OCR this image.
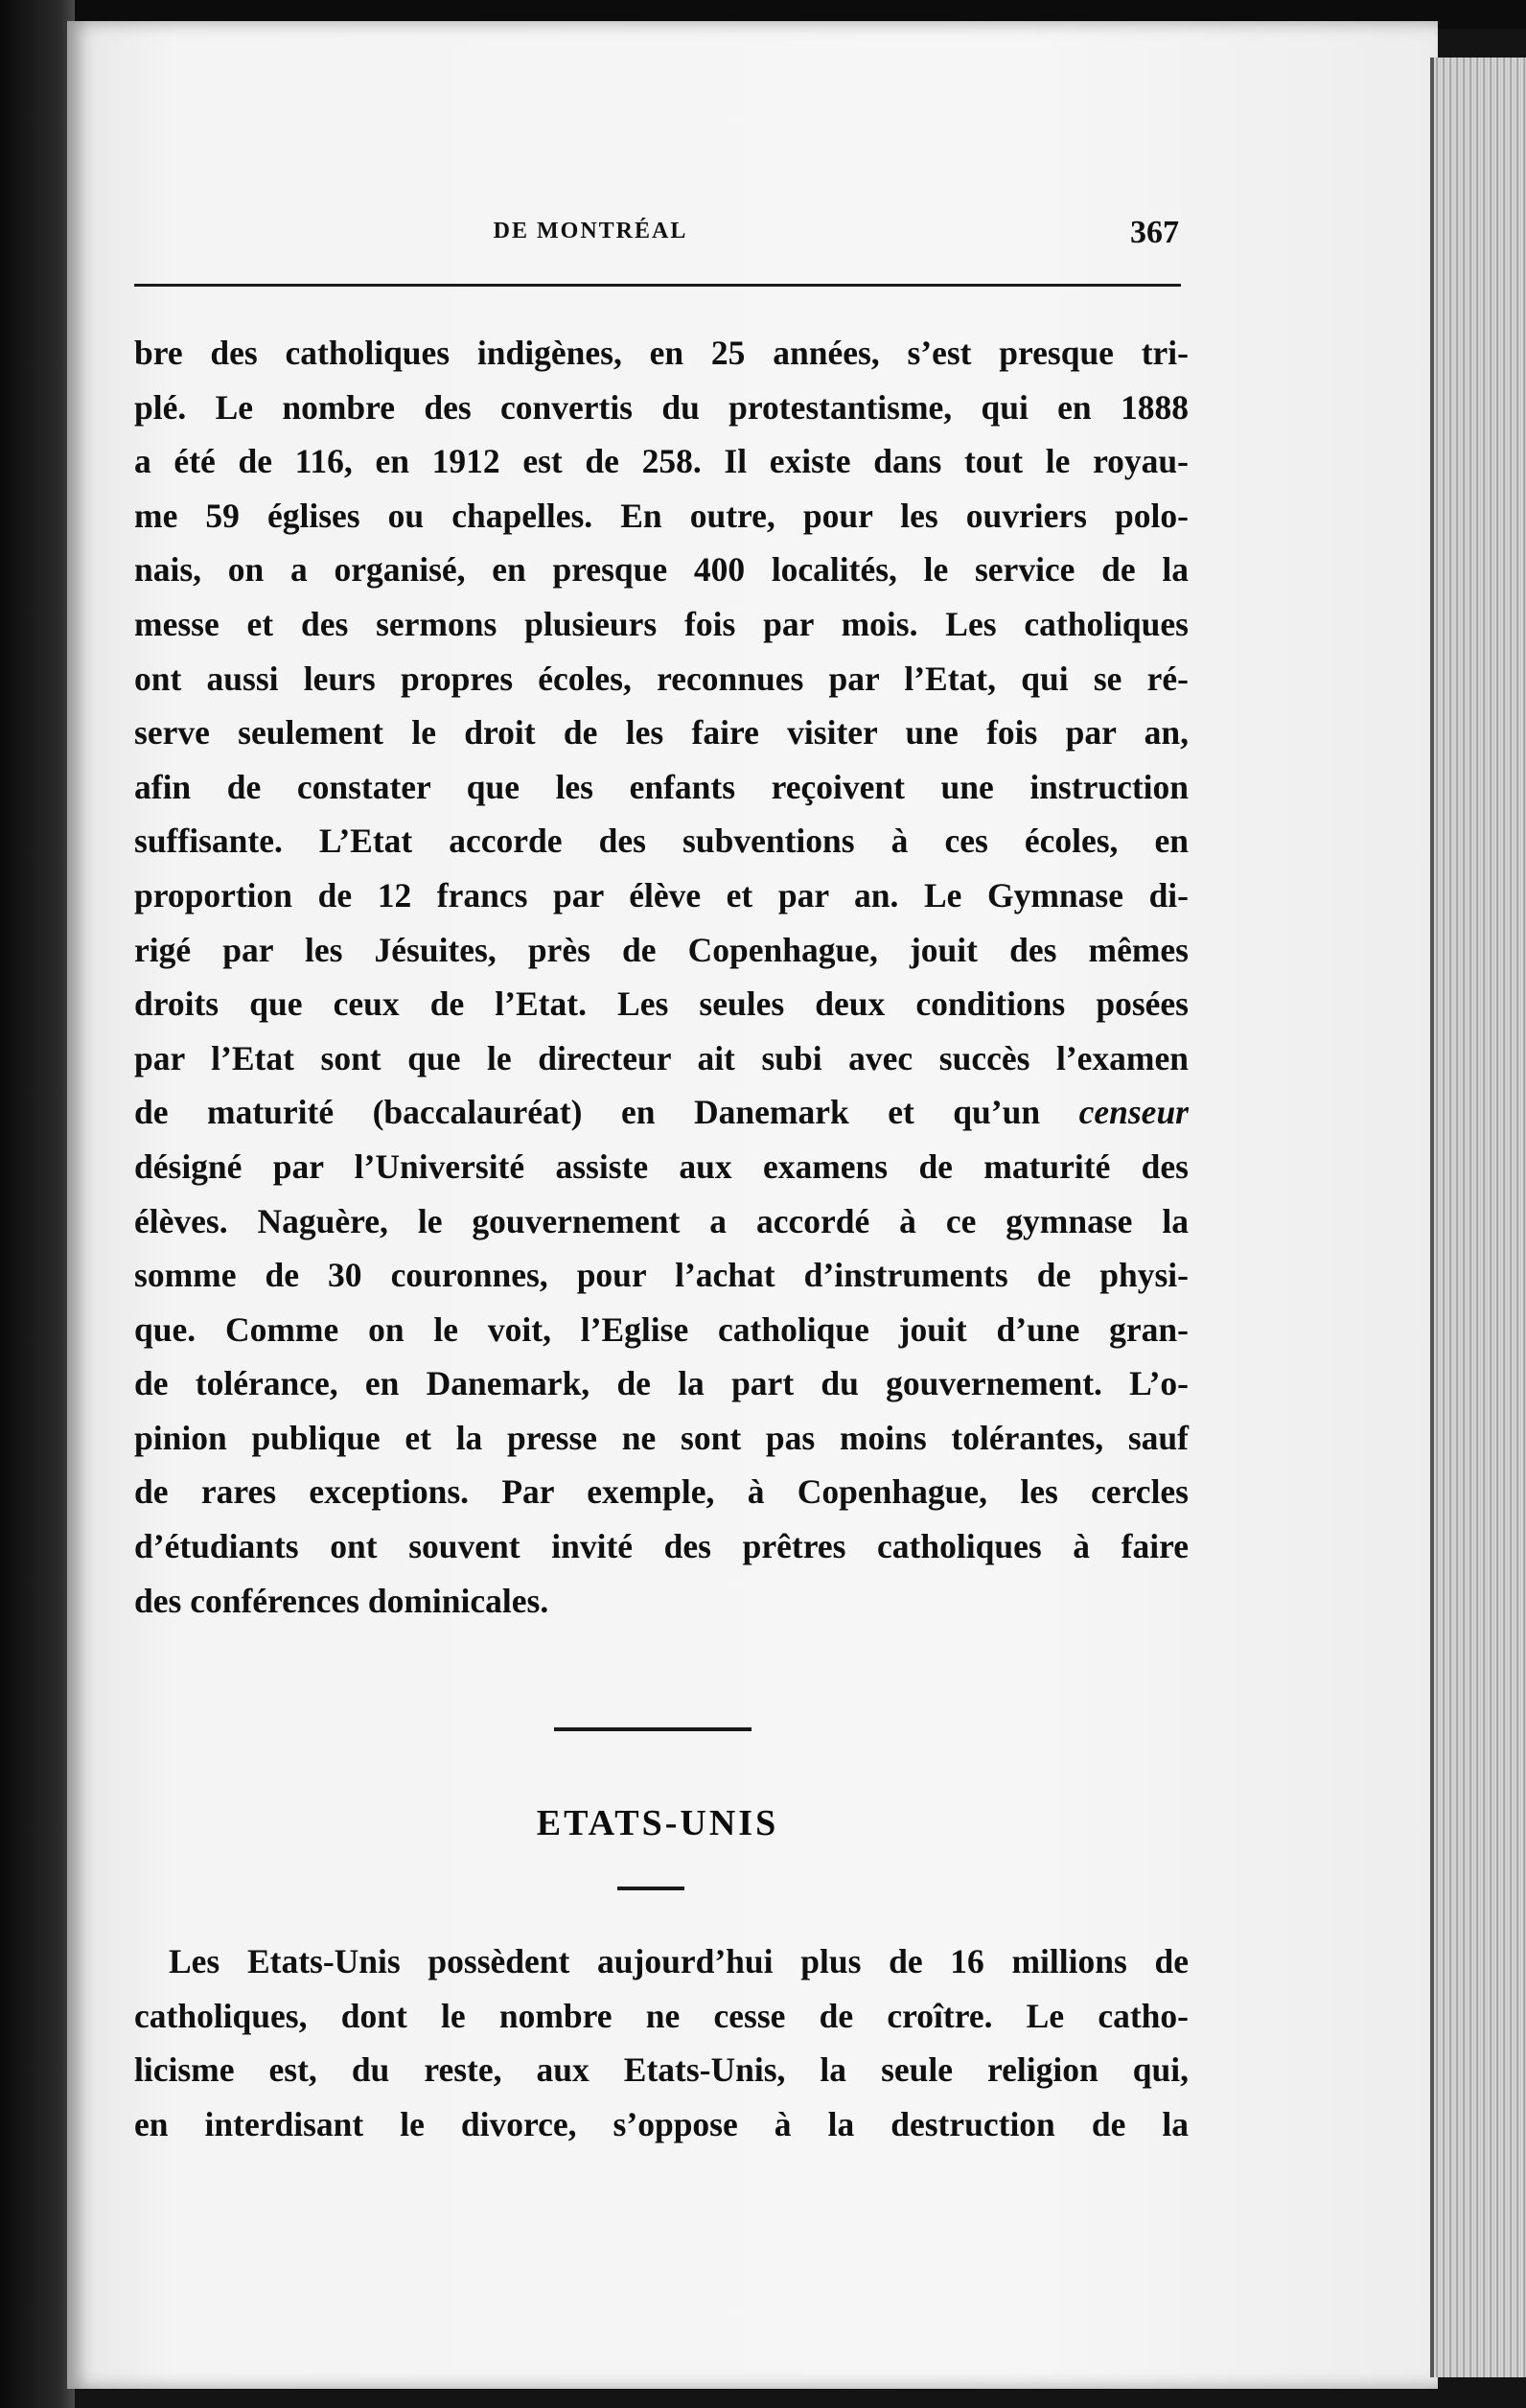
DE MONTRÉAL	367
bre des catholiques indigènes, en 25 années, s’est presque tri-
plé. Le nombre des convertis du protestantisme, qui en 1888
a été de 116, en 1912 est de 258. Il existe dans tout le royau-
me 59 églises ou chapelles. En outre, pour les ouvriers polo-
nais, on a organisé, en presque 400 localités, le service de la
messe et des sermons plusieurs fois par mois. Les catholiques
ont aussi leurs propres écoles, reconnues par l’Etat, qui se ré-
serve seulement le droit de les faire visiter une fois par an,
afin de constater que les enfants reçoivent une instruction
suffisante. L’Etat accorde des subventions à ces écoles, en
proportion de 12 francs par élève et par an. Le Gymnase di-
rigé par les Jésuites, près de Copenhague, jouit des mêmes
droits que ceux de l’Etat. Les seules deux conditions posées
par l’Etat sont que le directeur ait subi avec succès l’examen
de maturité (baccalauréat) en Danemark et qu’un censeur
désigné par l’Université assiste aux examens de maturité des
élèves. Naguère, le gouvernement a accordé à ce gymnase la
somme de 30 couronnes, pour l’achat d’instruments de physi-
que. Comme on le voit, l’Eglise catholique jouit d’une gran-
de tolérance, en Danemark, de la part du gouvernement. L’o-
pinion publique et la presse ne sont pas moins tolérantes, sauf
de rares exceptions. Par exemple, à Copenhague, les cercles
d’étudiants ont souvent invité des prêtres catholiques à faire
des conférences dominicales.
ETATS-UNIS
Les Etats-Unis possèdent aujourd’hui plus de 16 millions de
catholiques, dont le nombre ne cesse de croître. Le catho-
licisme est, du reste, aux Etats-Unis, la seule religion qui,
en interdisant le divorce, s’oppose à la destruction de la
